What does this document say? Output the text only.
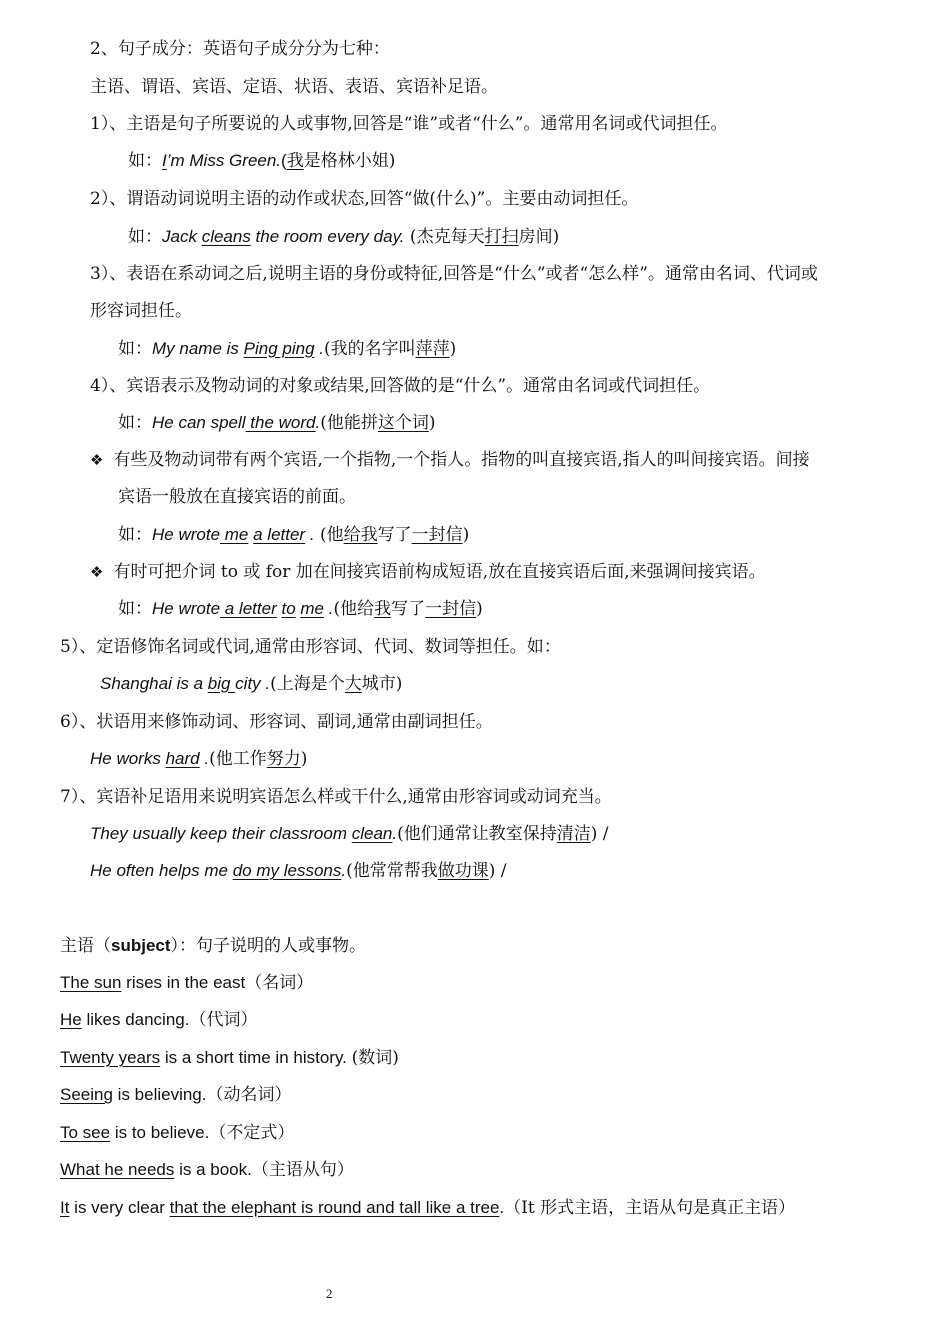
2、句子成分：英语句子成分分为七种：
主语、谓语、宾语、定语、状语、表语、宾语补足语。
1）、主语是句子所要说的人或事物,回答是“谁”或者“什么”。通常用名词或代词担任。
如：I’m Miss Green.(我是格林小姐)
2）、谓语动词说明主语的动作或状态,回答“做(什么)”。主要由动词担任。
如：Jack cleans the room every day. (杰克每天打扫房间)
3）、表语在系动词之后,说明主语的身份或特征,回答是“什么”或者“怎么样”。通常由名词、代词或
形容词担任。
如：My name is Ping ping .(我的名字叫萍萍)
4）、宾语表示及物动词的对象或结果,回答做的是“什么”。通常由名词或代词担任。
如：He can spell the word.(他能拼这个词)
❖ 有些及物动词带有两个宾语,一个指物,一个指人。指物的叫直接宾语,指人的叫间接宾语。间接
宾语一般放在直接宾语的前面。
如：He wrote me a letter . (他给我写了一封信)
❖ 有时可把介词 to 或 for 加在间接宾语前构成短语,放在直接宾语后面,来强调间接宾语。
如：He wrote a letter to me .(他给我写了一封信)
5）、定语修饰名词或代词,通常由形容词、代词、数词等担任。如：
Shanghai is a big city .(上海是个大城市)
6）、状语用来修饰动词、形容词、副词,通常由副词担任。
He works hard .(他工作努力)
7）、宾语补足语用来说明宾语怎么样或干什么,通常由形容词或动词充当。
They usually keep their classroom clean.(他们通常让教室保持清洁) /
He often helps me do my lessons.(他常常帮我做功课) /
主语（subject）：句子说明的人或事物。
The sun rises in the east（名词）
He likes dancing.（代词）
Twenty years is a short time in history. (数词)
Seeing is believing.（动名词）
To see is to believe.（不定式）
What he needs is a book.（主语从句）
It is very clear that the elephant is round and tall like a tree.（It 形式主语，主语从句是真正主语）
2
